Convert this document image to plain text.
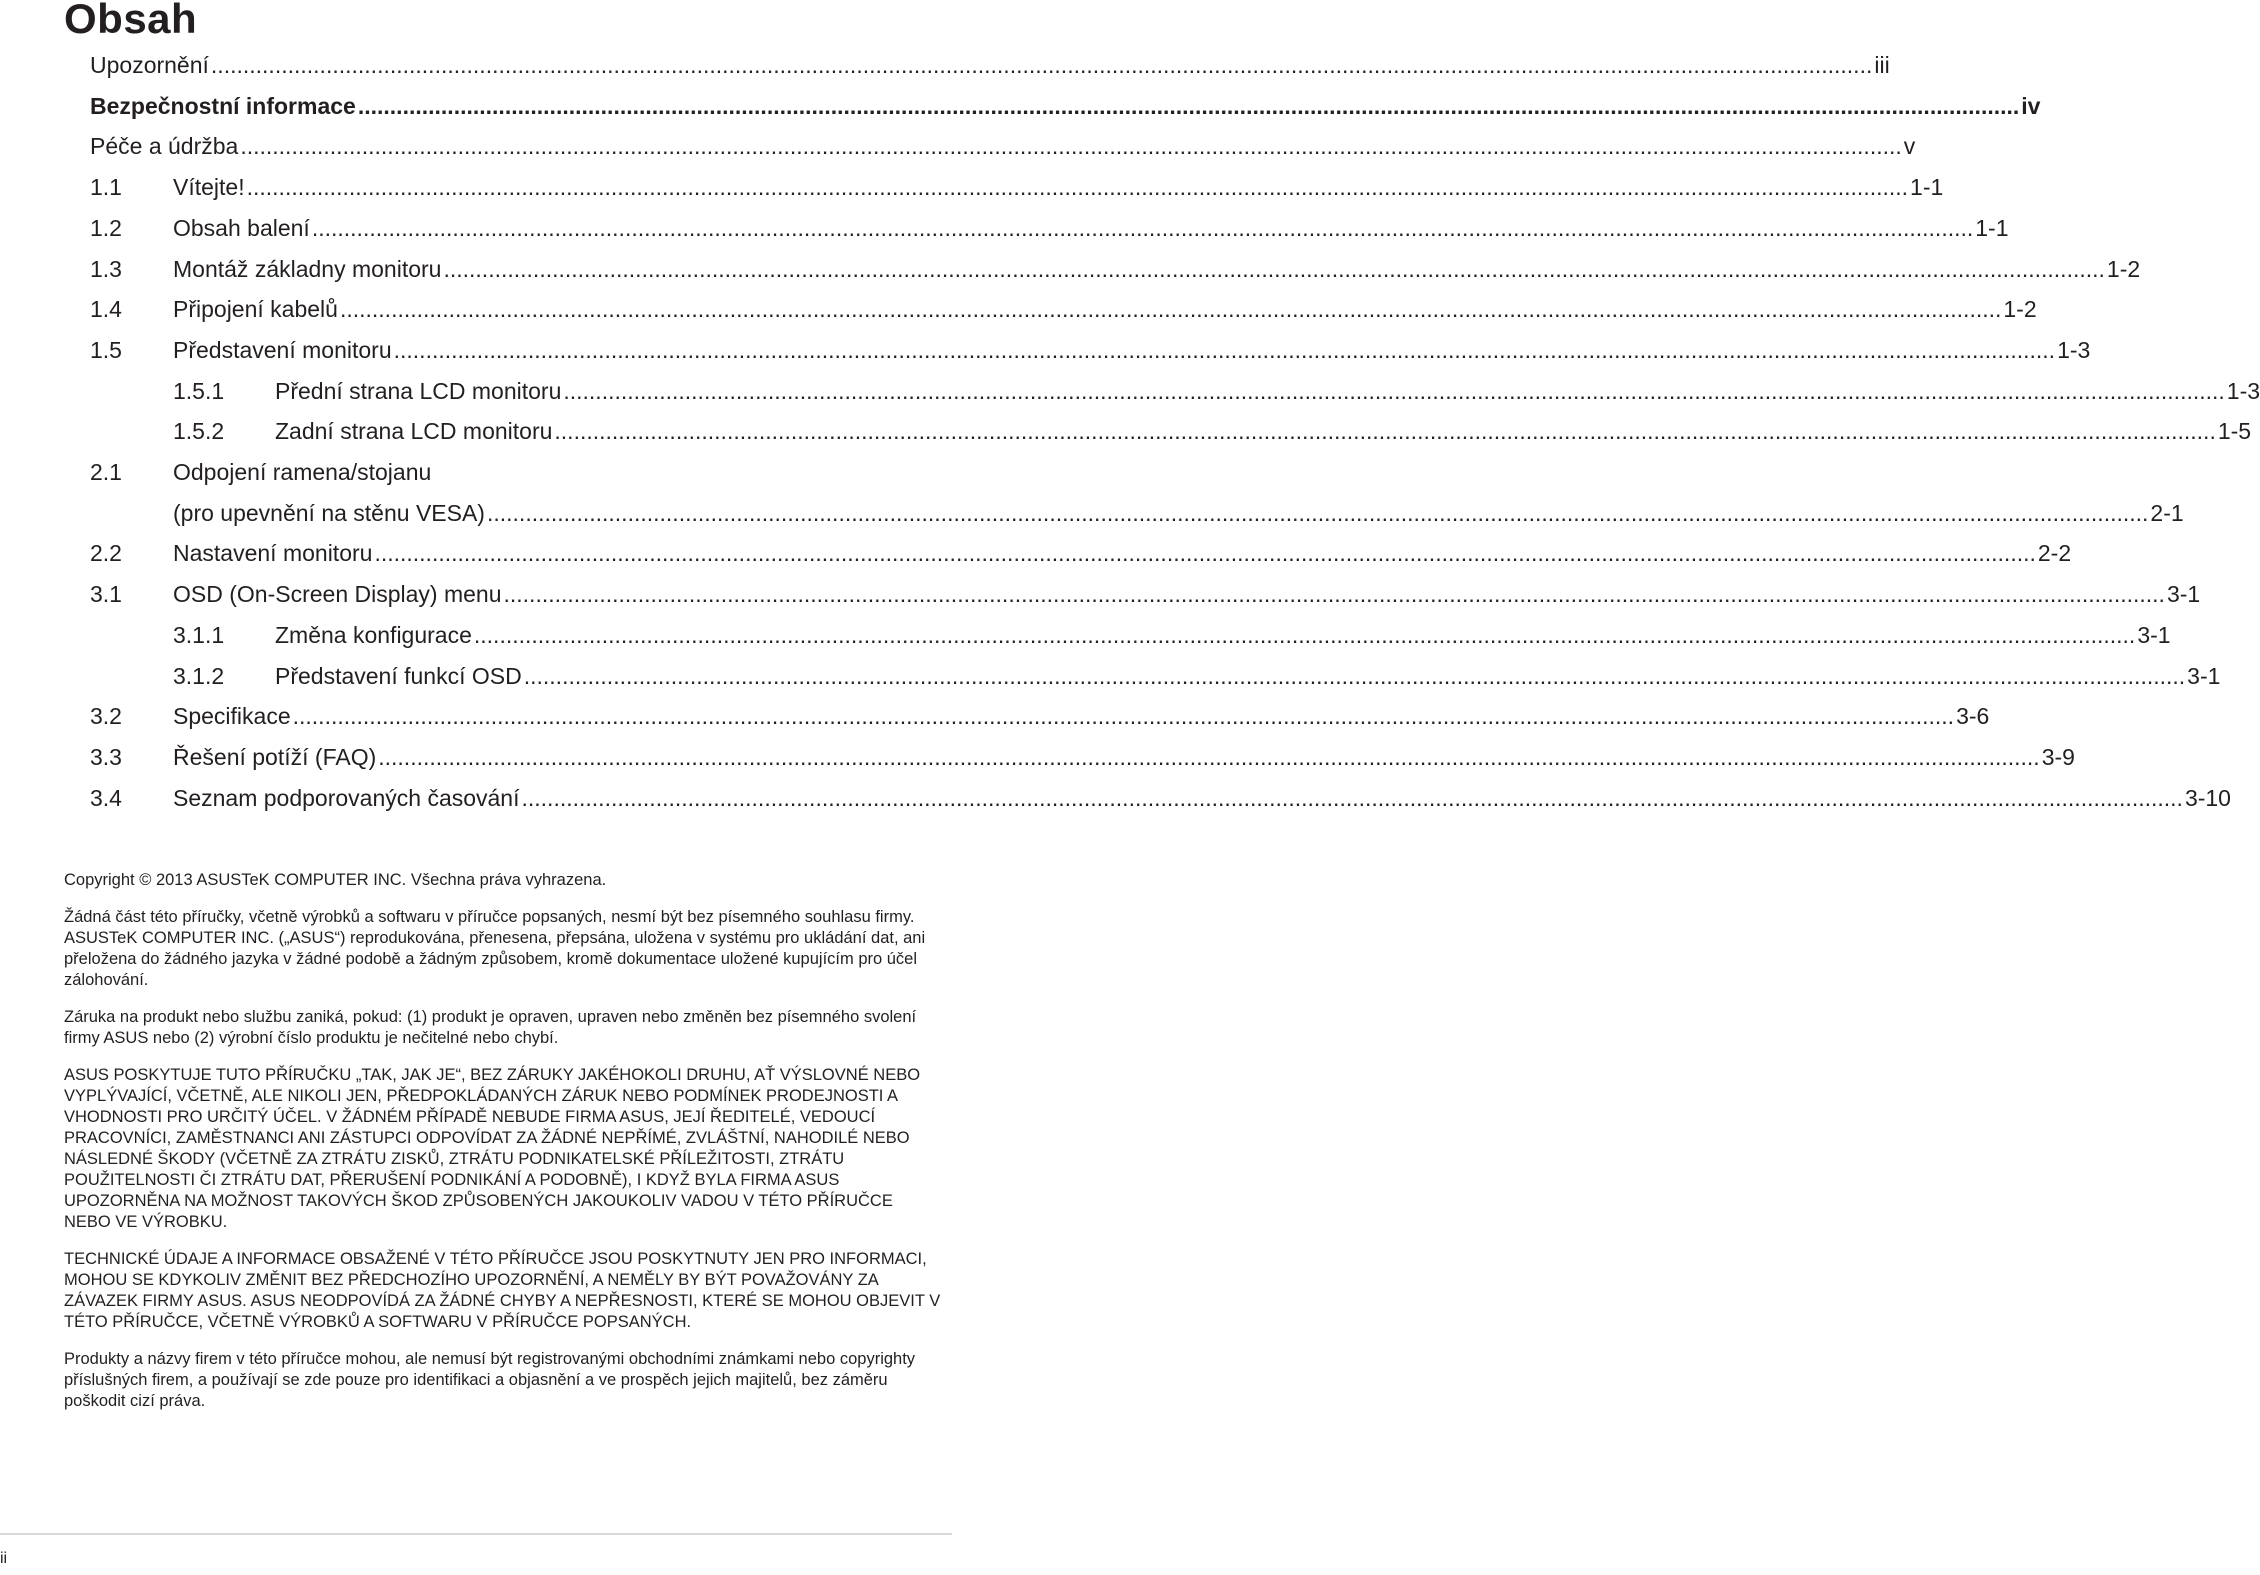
Obsah
Upozornění .................................................................................................................................................................................................................................................................... iii
Bezpečnostní informace .................................................................................................................................................................................................................................................................... iv
Péče a údržba .................................................................................................................................................................................................................................................................... v
1.1 Vítejte! .................................................................................................................................................................................................................................................................... 1-1
1.2 Obsah balení .................................................................................................................................................................................................................................................................... 1-1
1.3 Montáž základny monitoru .................................................................................................................................................................................................................................................................... 1-2
1.4 Připojení kabelů .................................................................................................................................................................................................................................................................... 1-2
1.5 Představení monitoru .................................................................................................................................................................................................................................................................... 1-3
1.5.1 Přední strana LCD monitoru .................................................................................................................................................................................................................................................................... 1-3
1.5.2 Zadní strana LCD monitoru .................................................................................................................................................................................................................................................................... 1-5
2.1 Odpojení ramena/stojanu
(pro upevnění na stěnu VESA) .................................................................................................................................................................................................................................................................... 2-1
2.2 Nastavení monitoru .................................................................................................................................................................................................................................................................... 2-2
3.1 OSD (On-Screen Display) menu .................................................................................................................................................................................................................................................................... 3-1
3.1.1 Změna konfigurace .................................................................................................................................................................................................................................................................... 3-1
3.1.2 Představení funkcí OSD .................................................................................................................................................................................................................................................................... 3-1
3.2 Specifikace .................................................................................................................................................................................................................................................................... 3-6
3.3 Řešení potíží (FAQ) .................................................................................................................................................................................................................................................................... 3-9
3.4 Seznam podporovaných časování .................................................................................................................................................................................................................................................................... 3-10

Copyright © 2013 ASUSTeK COMPUTER INC. Všechna práva vyhrazena.

Žádná část této příručky, včetně výrobků a softwaru v příručce popsaných, nesmí být bez písemného souhlasu firmy. ASUSTeK COMPUTER INC. („ASUS“) reprodukována, přenesena, přepsána, uložena v systému pro ukládání dat, ani přeložena do žádného jazyka v žádné podobě a žádným způsobem, kromě dokumentace uložené kupujícím pro účel zálohování.

Záruka na produkt nebo službu zaniká, pokud: (1) produkt je opraven, upraven nebo změněn bez písemného svolení firmy ASUS nebo (2) výrobní číslo produktu je nečitelné nebo chybí.

ASUS POSKYTUJE TUTO PŘÍRUČKU „TAK, JAK JE“, BEZ ZÁRUKY JAKÉHOKOLI DRUHU, AŤ VÝSLOVNÉ NEBO VYPLÝVAJÍCÍ, VČETNĚ, ALE NIKOLI JEN, PŘEDPOKLÁDANÝCH ZÁRUK NEBO PODMÍNEK PRODEJNOSTI A VHODNOSTI PRO URČITÝ ÚČEL. V ŽÁDNÉM PŘÍPADĚ NEBUDE FIRMA ASUS, JEJÍ ŘEDITELÉ, VEDOUCÍ PRACOVNÍCI, ZAMĚSTNANCI ANI ZÁSTUPCI ODPOVÍDAT ZA ŽÁDNÉ NEPŘÍMÉ, ZVLÁŠTNÍ, NAHODILÉ NEBO NÁSLEDNÉ ŠKODY (VČETNĚ ZA ZTRÁTU ZISKŮ, ZTRÁTU PODNIKATELSKÉ PŘÍLEŽITOSTI, ZTRÁTU POUŽITELNOSTI ČI ZTRÁTU DAT, PŘERUŠENÍ PODNIKÁNÍ A PODOBNĚ), I KDYŽ BYLA FIRMA ASUS UPOZORNĚNA NA MOŽNOST TAKOVÝCH ŠKOD ZPŮSOBENÝCH JAKOUKOLIV VADOU V TÉTO PŘÍRUČCE NEBO VE VÝROBKU.

TECHNICKÉ ÚDAJE A INFORMACE OBSAŽENÉ V TÉTO PŘÍRUČCE JSOU POSKYTNUTY JEN PRO INFORMACI, MOHOU SE KDYKOLIV ZMĚNIT BEZ PŘEDCHOZÍHO UPOZORNĚNÍ, A NEMĚLY BY BÝT POVAŽOVÁNY ZA ZÁVAZEK FIRMY ASUS. ASUS NEODPOVÍDÁ ZA ŽÁDNÉ CHYBY A NEPŘESNOSTI, KTERÉ SE MOHOU OBJEVIT V TÉTO PŘÍRUČCE, VČETNĚ VÝROBKŮ A SOFTWARU V PŘÍRUČCE POPSANÝCH.

Produkty a názvy firem v této příručce mohou, ale nemusí být registrovanými obchodními známkami nebo copyrighty příslušných firem, a používají se zde pouze pro identifikaci a objasnění a ve prospěch jejich majitelů, bez záměru poškodit cizí práva.

ii
